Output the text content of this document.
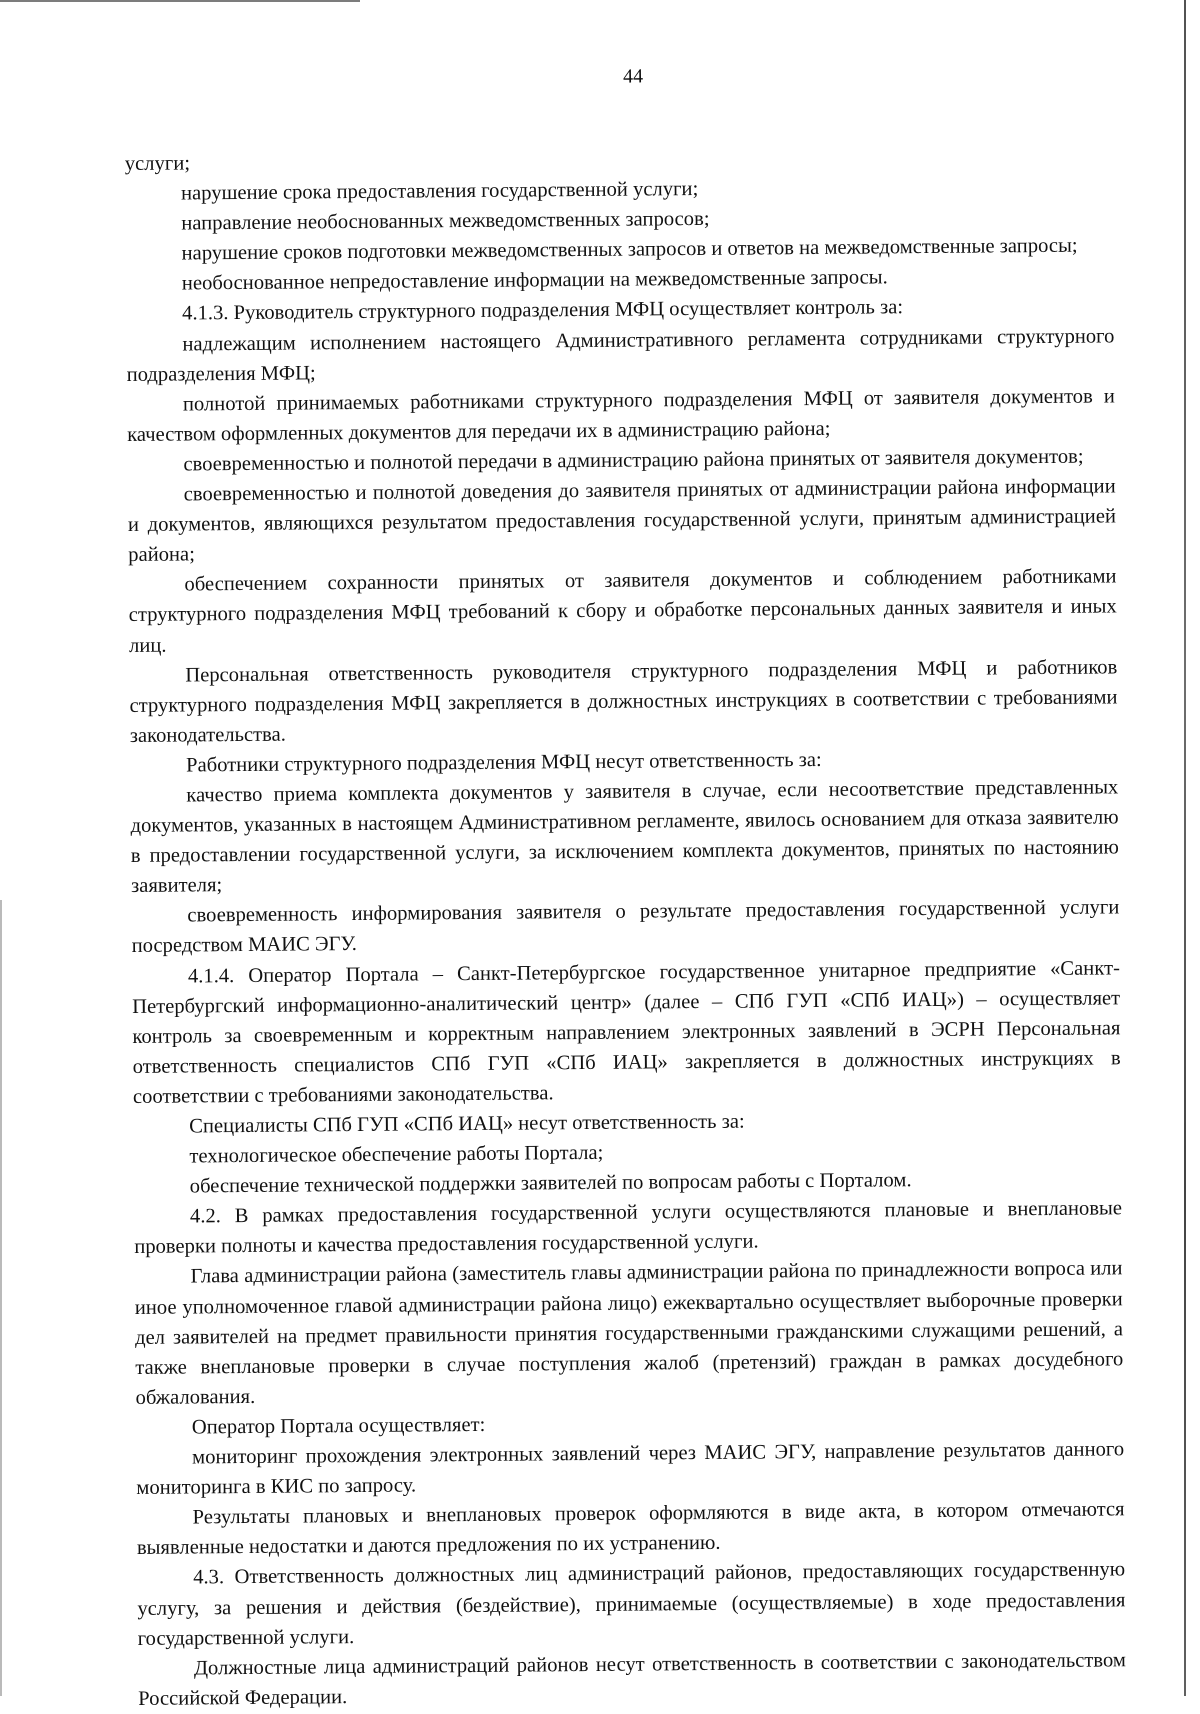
44

услуги;

нарушение срока предоставления государственной услуги;

направление необоснованных межведомственных запросов;

нарушение сроков подготовки межведомственных запросов и ответов на межведомственные запросы;

необоснованное непредоставление информации на межведомственные запросы.

4.1.3. Руководитель структурного подразделения МФЦ осуществляет контроль за:

надлежащим исполнением настоящего Административного регламента сотрудниками структурного подразделения МФЦ;

полнотой принимаемых работниками структурного подразделения МФЦ от заявителя документов и качеством оформленных документов для передачи их в администрацию района;

своевременностью и полнотой передачи в администрацию района принятых от заявителя документов;

своевременностью и полнотой доведения до заявителя принятых от администрации района информации и документов, являющихся результатом предоставления государственной услуги, принятым администрацией района;

обеспечением сохранности принятых от заявителя документов и соблюдением работниками структурного подразделения МФЦ требований к сбору и обработке персональных данных заявителя и иных лиц.

Персональная ответственность руководителя структурного подразделения МФЦ и работников структурного подразделения МФЦ закрепляется в должностных инструкциях в соответствии с требованиями законодательства.

Работники структурного подразделения МФЦ несут ответственность за:

качество приема комплекта документов у заявителя в случае, если несоответствие представленных документов, указанных в настоящем Административном регламенте, явилось основанием для отказа заявителю в предоставлении государственной услуги, за исключением комплекта документов, принятых по настоянию заявителя;

своевременность информирования заявителя о результате предоставления государственной услуги посредством МАИС ЭГУ.

4.1.4. Оператор Портала – Санкт-Петербургское государственное унитарное предприятие «Санкт-Петербургский информационно-аналитический центр» (далее – СПб ГУП «СПб ИАЦ») – осуществляет контроль за своевременным и корректным направлением электронных заявлений в ЭСРН Персональная ответственность специалистов СПб ГУП «СПб ИАЦ» закрепляется в должностных инструкциях в соответствии с требованиями законодательства.

Специалисты СПб ГУП «СПб ИАЦ» несут ответственность за:

технологическое обеспечение работы Портала;

обеспечение технической поддержки заявителей по вопросам работы с Порталом.

4.2. В рамках предоставления государственной услуги осуществляются плановые и внеплановые проверки полноты и качества предоставления государственной услуги.

Глава администрации района (заместитель главы администрации района по принадлежности вопроса или иное уполномоченное главой администрации района лицо) ежеквартально осуществляет выборочные проверки дел заявителей на предмет правильности принятия государственными гражданскими служащими решений, а также внеплановые проверки в случае поступления жалоб (претензий) граждан в рамках досудебного обжалования.

Оператор Портала осуществляет:

мониторинг прохождения электронных заявлений через МАИС ЭГУ, направление результатов данного мониторинга в КИС по запросу.

Результаты плановых и внеплановых проверок оформляются в виде акта, в котором отмечаются выявленные недостатки и даются предложения по их устранению.

4.3. Ответственность должностных лиц администраций районов, предоставляющих государственную услугу, за решения и действия (бездействие), принимаемые (осуществляемые) в ходе предоставления государственной услуги.

Должностные лица администраций районов несут ответственность в соответствии с законодательством Российской Федерации.
